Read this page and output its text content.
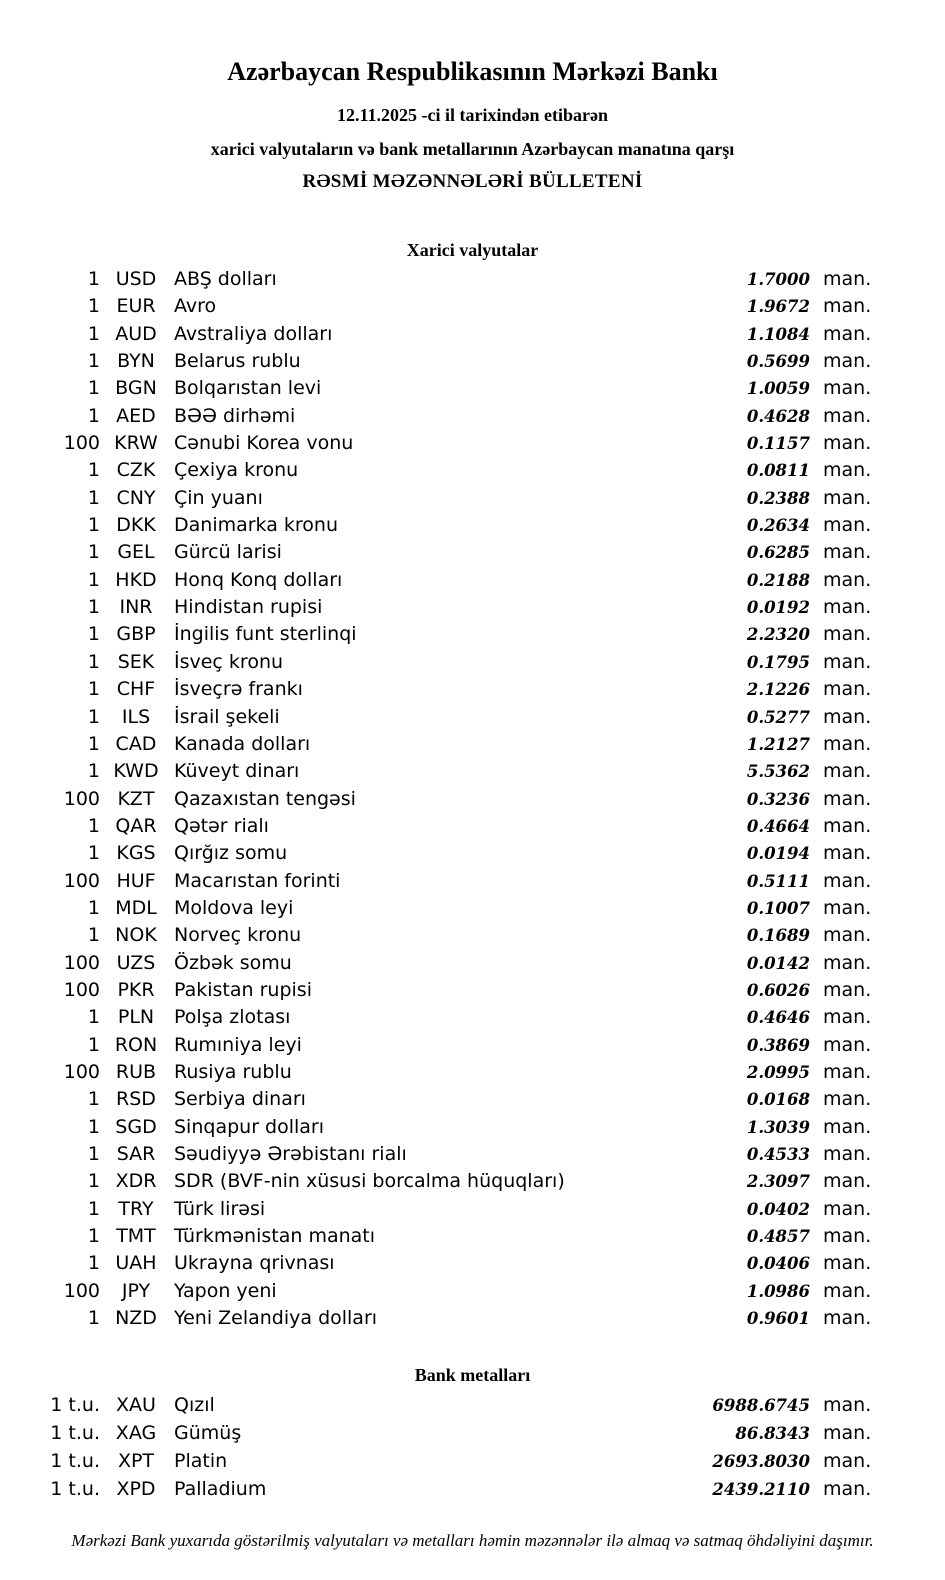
Azərbaycan Respublikasının Mərkəzi Bankı
12.11.2025 -ci il tarixindən etibarən
xarici valyutaların və bank metallarının Azərbaycan manatına qarşı
RƏSMİ MƏZƏNNƏLƏRİ BÜLLETENİ
Xarici valyutalar
1 USD ABŞ dolları	1.7000 man.
1 EUR Avro	1.9672 man.
1 AUD Avstraliya dolları	1.1084 man.
1 BYN	Belarus rublu	0.5699 man.
1 BGN Bolqarıstan levi	1.0059 man.
1 AED BƏƏ dirhəmi	0.4628 man.
100 KRW Cənubi Korea vonu	0.1157 man.
1 CZK Çexiya kronu	0.0811 man.
1 CNY Çin yuanı	0.2388 man.
1 DKK Danimarka kronu	0.2634 man.
1 GEL	Gürcü larisi	0.6285 man.
1 HKD Honq Konq dolları	0.2188 man.
1	INR	Hindistan rupisi	0.0192 man.
1 GBP İngilis funt sterlinqi	2.2320 man.
1 SEK	İsveç kronu	0.1795 man.
1 CHF İsveçrə frankı	2.1226 man.
1	ILS	İsrail şekeli	0.5277 man.
1 CAD Kanada dolları	1.2127 man.
1 KWD Küveyt dinarı	5.5362 man.
100 KZT	Qazaxıstan tengəsi	0.3236 man.
1 QAR Qətər rialı	0.4664 man.
1 KGS Qırğız somu	0.0194 man.
100 HUF Macarıstan forinti	0.5111 man.
1 MDL Moldova leyi	0.1007 man.
1 NOK Norveç kronu	0.1689 man.
100 UZS Özbək somu	0.0142 man.
100 PKR	Pakistan rupisi	0.6026 man.
1 PLN	Polşa zlotası	0.4646 man.
1 RON Rumıniya leyi	0.3869 man.
100 RUB Rusiya rublu	2.0995 man.
1 RSD Serbiya dinarı	0.0168 man.
1 SGD Sinqapur dolları	1.3039 man.
1 SAR Səudiyyə Ərəbistanı rialı	0.4533 man.
1 XDR SDR (BVF-nin xüsusi borcalma hüquqları)	2.3097 man.
1 TRY	Türk lirəsi	0.0402 man.
1 TMT Türkmənistan manatı	0.4857 man.
1 UAH Ukrayna qrivnası	0.0406 man.
100	JPY	Yapon yeni	1.0986 man.
1 NZD Yeni Zelandiya dolları	0.9601 man.
Bank metalları
1 t.u. XAU Qızıl	6988.6745 man.
1 t.u. XAG Gümüş	86.8343 man.
1 t.u. XPT	Platin	2693.8030 man.
1 t.u. XPD Palladium	2439.2110 man.
Mərkəzi Bank yuxarıda göstərilmiş valyutaları və metalları həmin məzənnələr ilə almaq və satmaq öhdəliyini daşımır.
